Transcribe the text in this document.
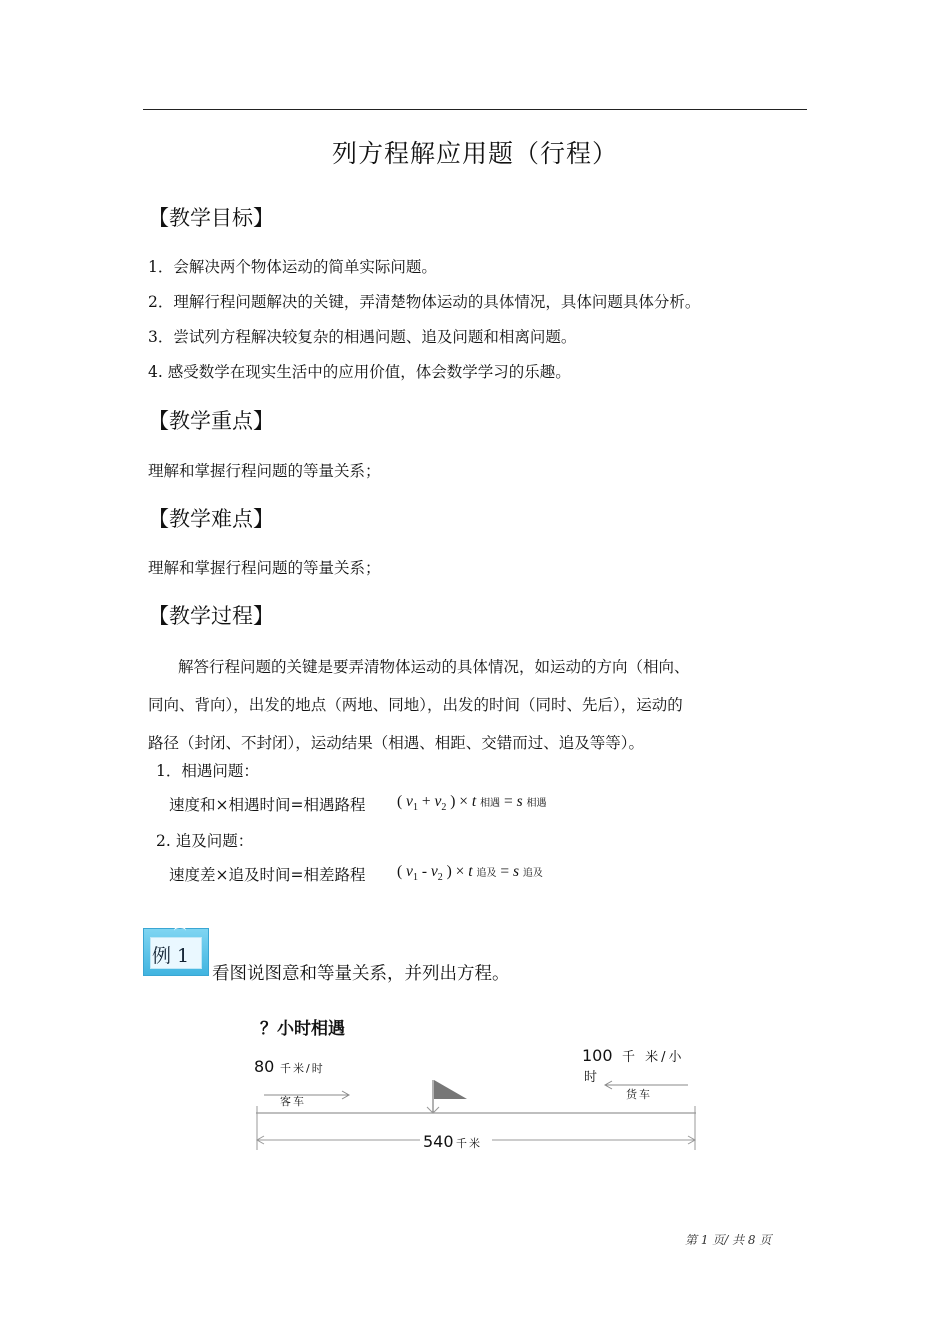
列方程解应用题（行程）
【教学目标】
1．会解决两个物体运动的简单实际问题。
2．理解行程问题解决的关键，弄清楚物体运动的具体情况，具体问题具体分析。
3．尝试列方程解决较复杂的相遇问题、追及问题和相离问题。
4. 感受数学在现实生活中的应用价值，体会数学学习的乐趣。
【教学重点】
理解和掌握行程问题的等量关系；
【教学难点】
理解和掌握行程问题的等量关系；
【教学过程】
解答行程问题的关键是要弄清物体运动的具体情况，如运动的方向（相向、
同向、背向），出发的地点（两地、同地），出发的时间（同时、先后），运动的
路径（封闭、不封闭），运动结果（相遇、相距、交错而过、追及等等）。
1．相遇问题：
速度和×相遇时间=相遇路程 ( $v_1 + v_2$ ) × t 相遇 = s 相遇
2. 追及问题：
速度差×追及时间=相差路程 ( $v_1 - v_2$ ) × t 追及 = s 追及
例 1
看图说图意和等量关系，并列出方程。
？小时相遇
80 千米/时
客车
100 千 米/小
时
货车
540 千米
第 1 页/ 共 8 页
